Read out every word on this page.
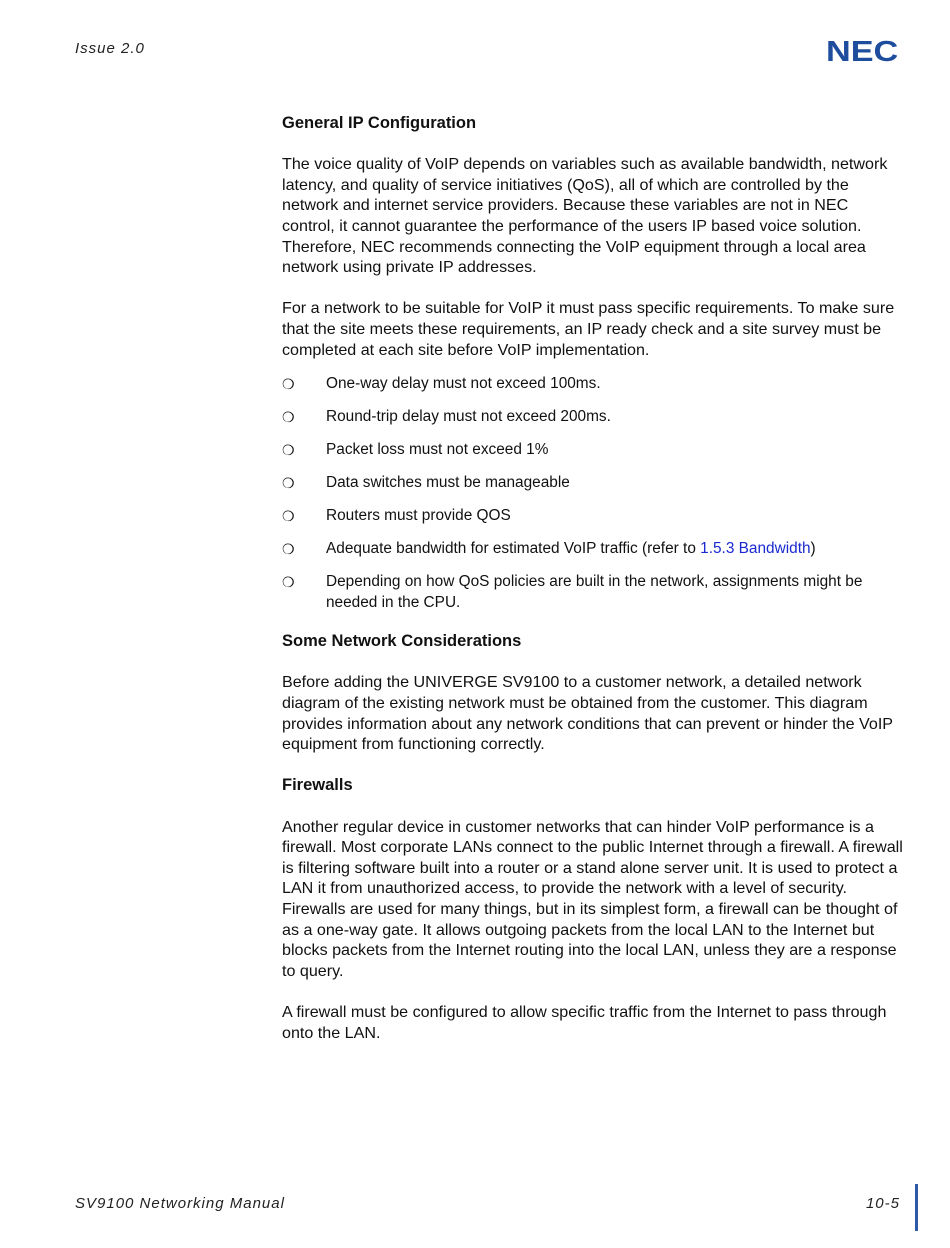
Issue 2.0	NEC
General IP Configuration

The voice quality of VoIP depends on variables such as available bandwidth, network latency, and quality of service initiatives (QoS), all of which are controlled by the network and internet service providers. Because these variables are not in NEC control, it cannot guarantee the performance of the users IP based voice solution. Therefore, NEC recommends connecting the VoIP equipment through a local area network using private IP addresses.

For a network to be suitable for VoIP it must pass specific requirements. To make sure that the site meets these requirements, an IP ready check and a site survey must be completed at each site before VoIP implementation.

❍ One-way delay must not exceed 100ms.
❍ Round-trip delay must not exceed 200ms.
❍ Packet loss must not exceed 1%
❍ Data switches must be manageable
❍ Routers must provide QOS
❍ Adequate bandwidth for estimated VoIP traffic (refer to 1.5.3 Bandwidth)
❍ Depending on how QoS policies are built in the network, assignments might be needed in the CPU.
Some Network Considerations

Before adding the UNIVERGE SV9100 to a customer network, a detailed network diagram of the existing network must be obtained from the customer. This diagram provides information about any network conditions that can prevent or hinder the VoIP equipment from functioning correctly.

Firewalls

Another regular device in customer networks that can hinder VoIP performance is a firewall. Most corporate LANs connect to the public Internet through a firewall. A firewall is filtering software built into a router or a stand alone server unit. It is used to protect a LAN it from unauthorized access, to provide the network with a level of security. Firewalls are used for many things, but in its simplest form, a firewall can be thought of as a one-way gate. It allows outgoing packets from the local LAN to the Internet but blocks packets from the Internet routing into the local LAN, unless they are a response to query.

A firewall must be configured to allow specific traffic from the Internet to pass through onto the LAN.

SV9100 Networking Manual	10-5
